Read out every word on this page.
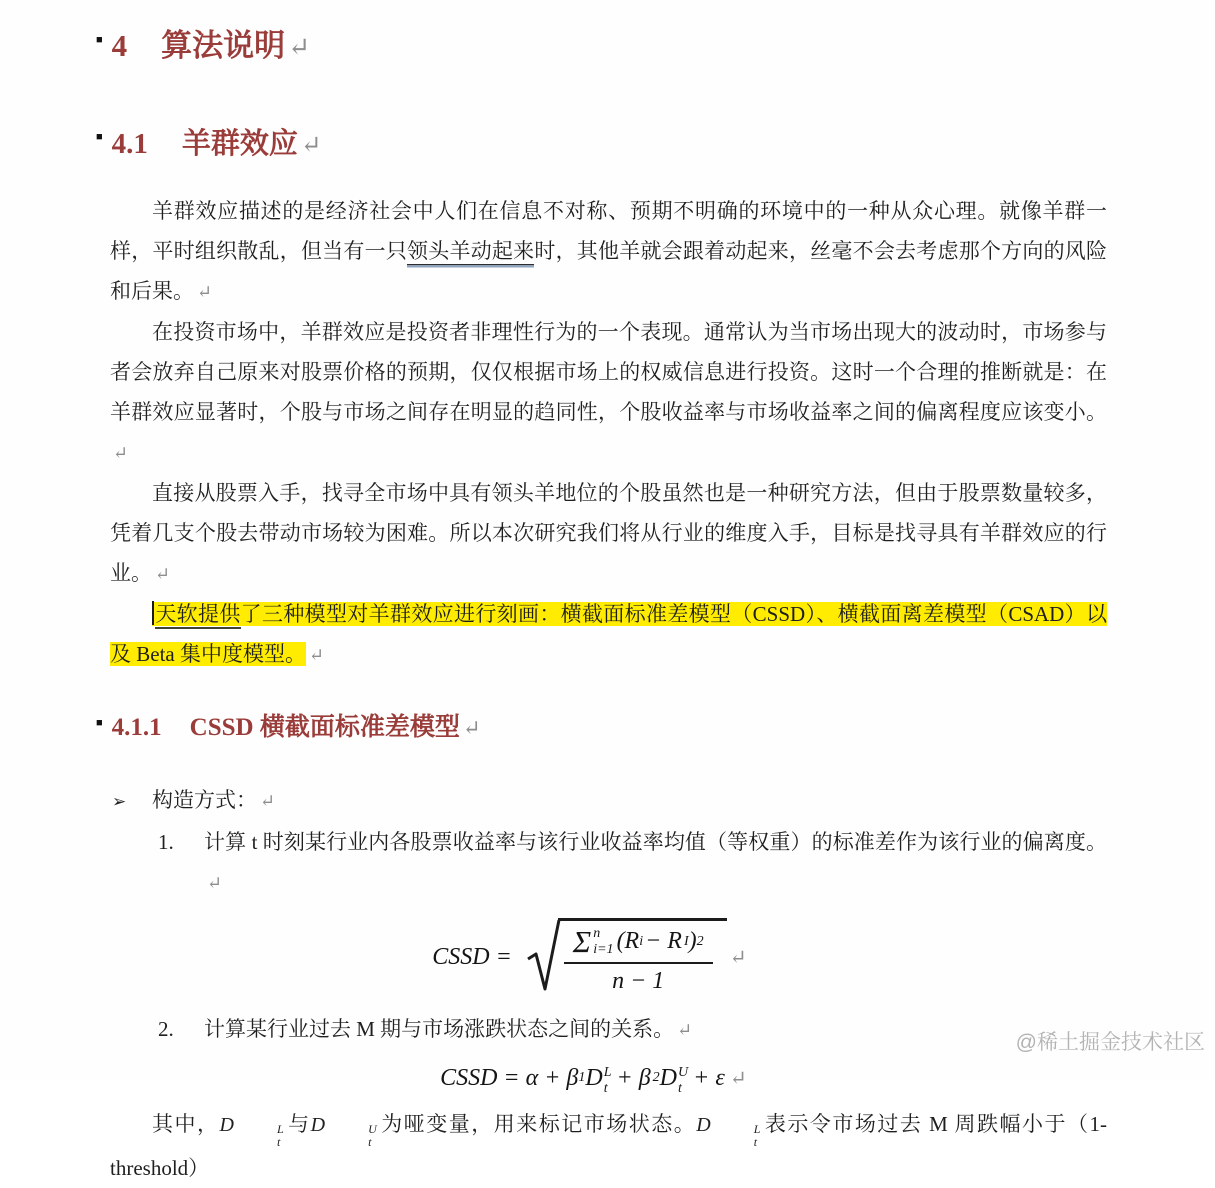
■ 4 算法说明 ↵
■ 4.1 羊群效应 ↵

羊群效应描述的是经济社会中人们在信息不对称、预期不明确的环境中的一种从众心理。就像羊群一样，平时组织散乱，但当有一只领头羊动起来时，其他羊就会跟着动起来，丝毫不会去考虑那个方向的风险和后果。 ↵

在投资市场中，羊群效应是投资者非理性行为的一个表现。通常认为当市场出现大的波动时，市场参与者会放弃自己原来对股票价格的预期，仅仅根据市场上的权威信息进行投资。这时一个合理的推断就是：在羊群效应显著时，个股与市场之间存在明显的趋同性，个股收益率与市场收益率之间的偏离程度应该变小。↵

直接从股票入手，找寻全市场中具有领头羊地位的个股虽然也是一种研究方法，但由于股票数量较多，凭着几支个股去带动市场较为困难。所以本次研究我们将从行业的维度入手，目标是找寻具有羊群效应的行业。 ↵

天软提供了三种模型对羊群效应进行刻画：横截面标准差模型（CSSD）、横截面离差模型（CSAD）以及 Beta 集中度模型。 ↵

■ 4.1.1 CSSD 横截面标准差模型 ↵
➢ 构造方式： ↵
1.	计算 t 时刻某行业内各股票收益率与该行业收益率均值（等权重）的标准差作为该行业的偏离度。↵
CSSD = Σ n
i=1 (R i − R I ) 2
n − 1
↵
2.	计算某行业过去 M 期与市场涨跌状态之间的关系。 ↵
CSSD = α + β 1 D L
t + β 2 D U
t + ε ↵

其中，D	L
t
与D	U
t
为哑变量，用来标记市场状态。D	L
t
表示令市场过去 M 周跌幅小于（1-threshold）

@稀土掘金技术社区
